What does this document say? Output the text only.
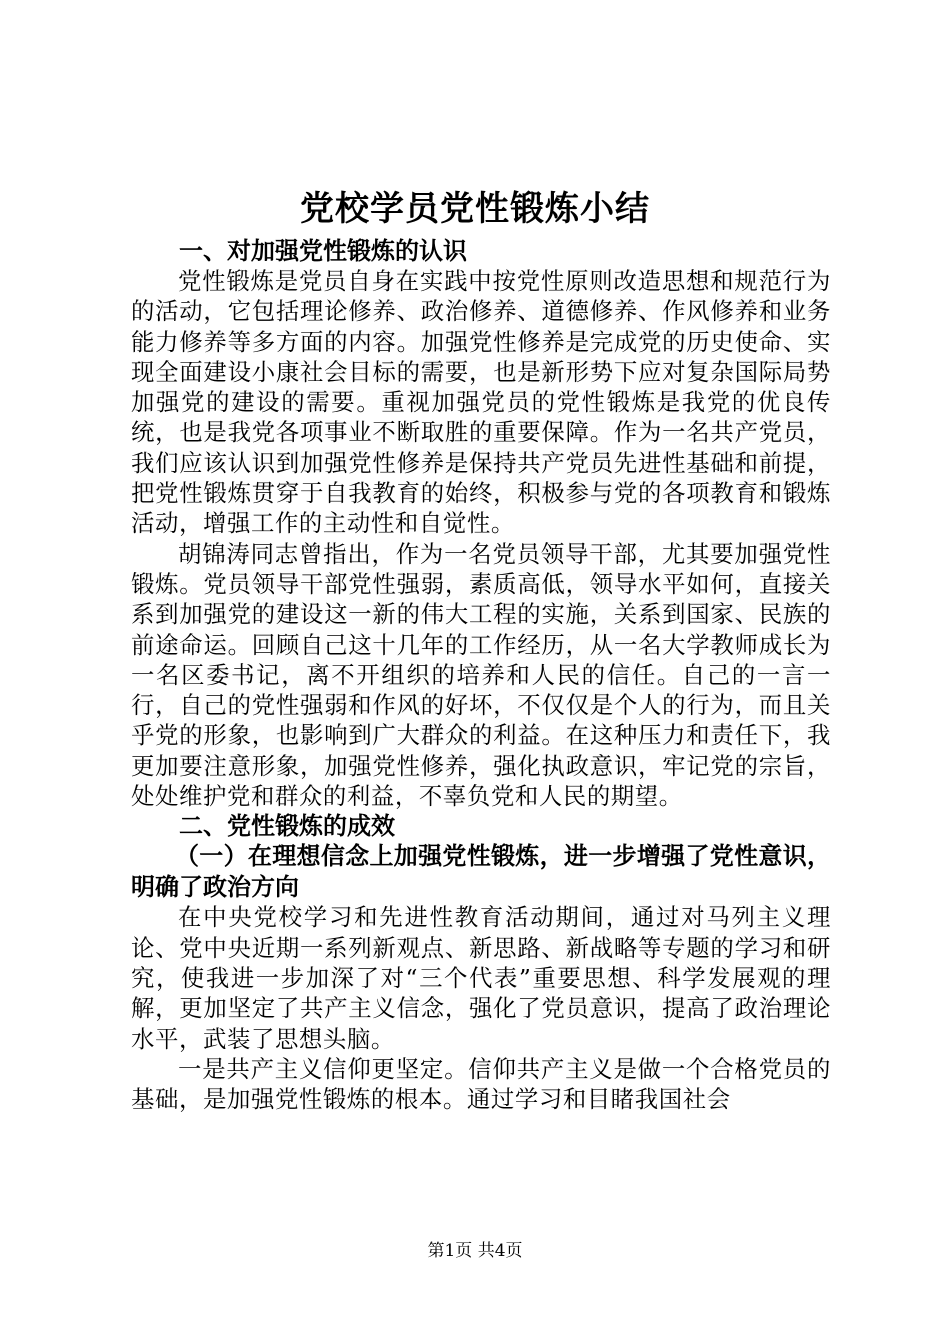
党校学员党性锻炼小结

一、对加强党性锻炼的认识

党性锻炼是党员自身在实践中按党性原则改造思想和规范行为的活动，它包括理论修养、政治修养、道德修养、作风修养和业务能力修养等多方面的内容。加强党性修养是完成党的历史使命、实现全面建设小康社会目标的需要，也是新形势下应对复杂国际局势加强党的建设的需要。重视加强党员的党性锻炼是我党的优良传统，也是我党各项事业不断取胜的重要保障。作为一名共产党员，我们应该认识到加强党性修养是保持共产党员先进性基础和前提，把党性锻炼贯穿于自我教育的始终，积极参与党的各项教育和锻炼活动，增强工作的主动性和自觉性。

胡锦涛同志曾指出，作为一名党员领导干部，尤其要加强党性锻炼。党员领导干部党性强弱，素质高低，领导水平如何，直接关系到加强党的建设这一新的伟大工程的实施，关系到国家、民族的前途命运。回顾自己这十几年的工作经历，从一名大学教师成长为一名区委书记，离不开组织的培养和人民的信任。自己的一言一行，自己的党性强弱和作风的好坏，不仅仅是个人的行为，而且关乎党的形象，也影响到广大群众的利益。在这种压力和责任下，我更加要注意形象，加强党性修养，强化执政意识，牢记党的宗旨，处处维护党和群众的利益，不辜负党和人民的期望。

二、党性锻炼的成效

（一）在理想信念上加强党性锻炼，进一步增强了党性意识，明确了政治方向

在中央党校学习和先进性教育活动期间，通过对马列主义理论、党中央近期一系列新观点、新思路、新战略等专题的学习和研究，使我进一步加深了对“三个代表”重要思想、科学发展观的理解，更加坚定了共产主义信念，强化了党员意识，提高了政治理论水平，武装了思想头脑。

一是共产主义信仰更坚定。信仰共产主义是做一个合格党员的基础，是加强党性锻炼的根本。通过学习和目睹我国社会

第1页 共4页
